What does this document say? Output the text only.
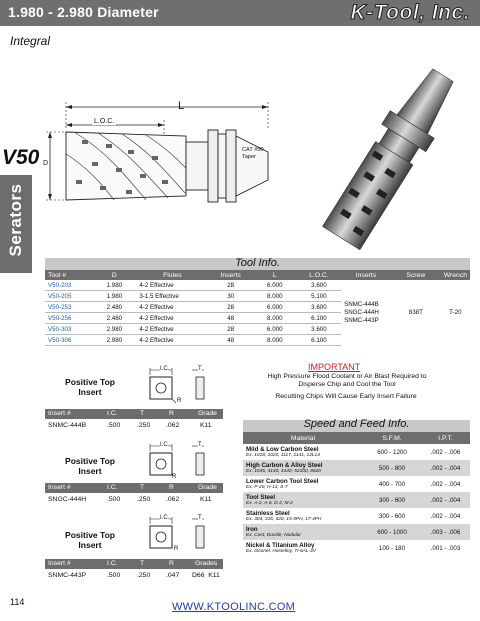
1.980 - 2.980 Diameter	K-Tool, Inc.
Integral
V50
Serators
L
L.O.C.
D
CAT #50
Taper
Tool Info.
Tool #	D	Flutes	Inserts	L	L.O.C.	Inserts	Screw	Wrench
V50-203	1.980	4-2 Effective	28	6.000	3.600	SNMC-444B
SNGC-444H
SNMC-443P	838T	T-20
V50-205	1.980	3-1.5 Effective	30	8.000	5.100			
V50-253	2.480	4-2 Effective	28	6.000	3.600			
V50-256	2.480	4-2 Effective	48	8.000	6.100			
V50-303	2.980	4-2 Effective	28	6.000	3.600			
V50-306	2.980	4-2 Effective	48	8.000	6.100			
IMPORTANT
High Pressure Flood Coolant or Air Blast Required to
Disperse Chip and Cool the Tool
Recutting Chips Will Cause Early Insert Failure
Positive Top
Insert
I.C.	T
R
Insert #	I.C.	T	R	Grade
SNMC-444B	.500 .250 .062	K11
Positive Top
Insert
I.C.	T
R
Insert #	I.C.	T	R	Grade
SNGC-444H	.500 .250 .062	K11
Positive Top
Insert
I.C.	T
R
Insert #	I.C.	T	R	Grades
SNMC-443P	.500 .250 .047 D66  K11
Speed and Feed Info.
Material	S.F.M.	I.P.T.
Mild & Low Carbon Steel
Ex. 1018, 1020, 1117, 1141, 12L14	600 - 1200	.002 - .006
High Carbon & Alloy Steel
Ex. 1045, 4140, 4340, 52100, 8620	500 - 800	.002 - .004
Lower Carbon Tool Steel
Ex. P-20, H-13, S-7	400 - 700	.002 - .004
Tool Steel
Ex. A-2, A-6, D-2, M-2	300 - 600	.002 - .004
Stainless Steel
Ex. 304, 316, 420, 15-5PH, 17-4PH	300 - 600	.002 - .004
Iron
Ex. Cast, Ductile, Nodular	600 - 1000	.003 - .006
Nickel & Titanium Alloy
Ex. Inconel, Hastelloy, Ti-6AL-4V	100 - 180	.001 - .003
114	WWW.KTOOLINC.COM
